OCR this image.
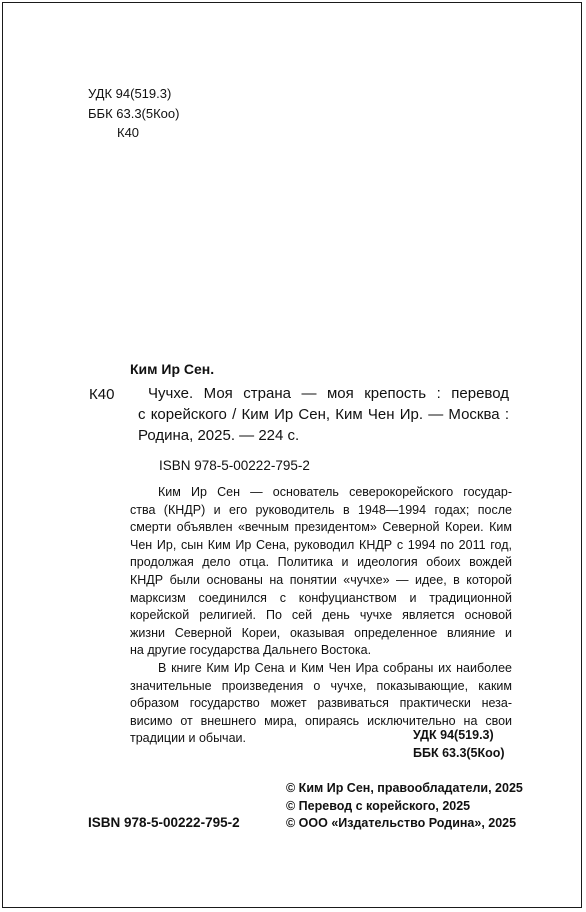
УДК 94(519.3)
ББК 63.3(5Коо)
К40
Ким Ир Сен.
К40 Чучхе. Моя страна — моя крепость : перевод
с корейского / Ким Ир Сен, Ким Чен Ир. — Москва :
Родина, 2025. — 224 с.
ISBN 978-5-00222-795-2
Ким Ир Сен — основатель северокорейского государ-
ства (КНДР) и его руководитель в 1948—1994 годах; после
смерти объявлен «вечным президентом» Северной Кореи. Ким
Чен Ир, сын Ким Ир Сена, руководил КНДР с 1994 по 2011 год,
продолжая дело отца. Политика и идеология обоих вождей
КНДР были основаны на понятии «чучхе» — идее, в которой
марксизм соединился с конфуцианством и традиционной
корейской религией. По сей день чучхе является основой
жизни Северной Кореи, оказывая определенное влияние и
на другие государства Дальнего Востока.
В книге Ким Ир Сена и Ким Чен Ира собраны их наиболее
значительные произведения о чучхе, показывающие, каким
образом государство может развиваться практически неза-
висимо от внешнего мира, опираясь исключительно на свои
традиции и обычаи.	УДК 94(519.3)
ББК 63.3(5Коо)
ISBN 978-5-00222-795-2
© Ким Ир Сен, правообладатели, 2025
© Перевод с корейского, 2025
© ООО «Издательство Родина», 2025
